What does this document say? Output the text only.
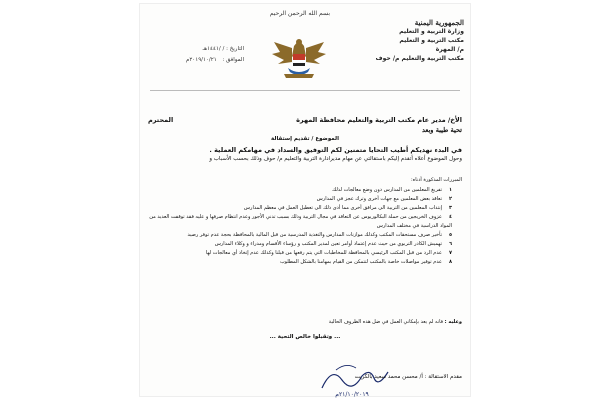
بسم الله الرحمن الرحيم
الجمهورية اليمنية
وزارة التربية و التعليم
مكتب التربية و التعليم
م/ المهرة
مكتب التربية والتعليم م/ حوف
التاريخ : / /١٤٤١هـ
الموافق : ٢٠١٩/١٠/٢١م
الأخ/ مدير عام مكتب التربية والتعليم محافظة المهرة
المحترم
تحية طيبة وبعد
الموضوع / تقديم إستقالة
في البدء نهديكم أطيب التحايا متمنين لكم التوفيق والسداد في مهامكم العملية .
وحول الموضوع أعلاه أتقدم إليكم باستقالتي عن مهام مديرادارة التربية والتعليم م/ حوف وذلك بحسب الأسباب و
المبررات المذكورة أدناه:
١تفريغ المعلمين من المدارس دون وضع معالجات لذلك
٢تعاقد بعض المعلمين مع جهات أخرى وترك عجز في المدارس
٣إنتداب المعلمين من التربية الى مرافق أخرى مما أدى ذلك الى تعطيل العمل في معظم المدارس
٤عزوف الخريجين من حملة البكالوريوس عن التعاقد في مجال التربية وذلك بسبب تدني الأجور وعدم انتظام صرفها و عليه فقد توقفت العديد من المواد الدراسية في مختلف المدارس
٥تأخير صرف مستحقات المكتب وكذلك موازنات المدارس والتغذية المدرسية من قبل المالية بالمحافظة بحجة عدم توفر رصيد
٦تهميش الكادر التربوي من حيث عدم إعتماد أوامر تعين لمدير المكتب و رؤساء الأقسام ومدراء و وكلاء المدارس
٧عدم الرد من قبل المكتب الرئيسي بالمحافظة للمخاطبات التي يتم رفعها من قبلنا وكذلك عدم إتخاذ أي معالجات لها
٨عدم توفير مواصلات خاصة بالمكتب لتتمكن من القيام بمهامنا بالشكل المطلوب
وعليه : فانه لم يعد بإمكاني العمل في ضل هذه الظروف الحالية
... وتقبلوا خالص التحية ...
٢١/١٠/٢٠١٩م
مقدم الاستقالة : أ/ محسن محمد سعيد بالكريت
